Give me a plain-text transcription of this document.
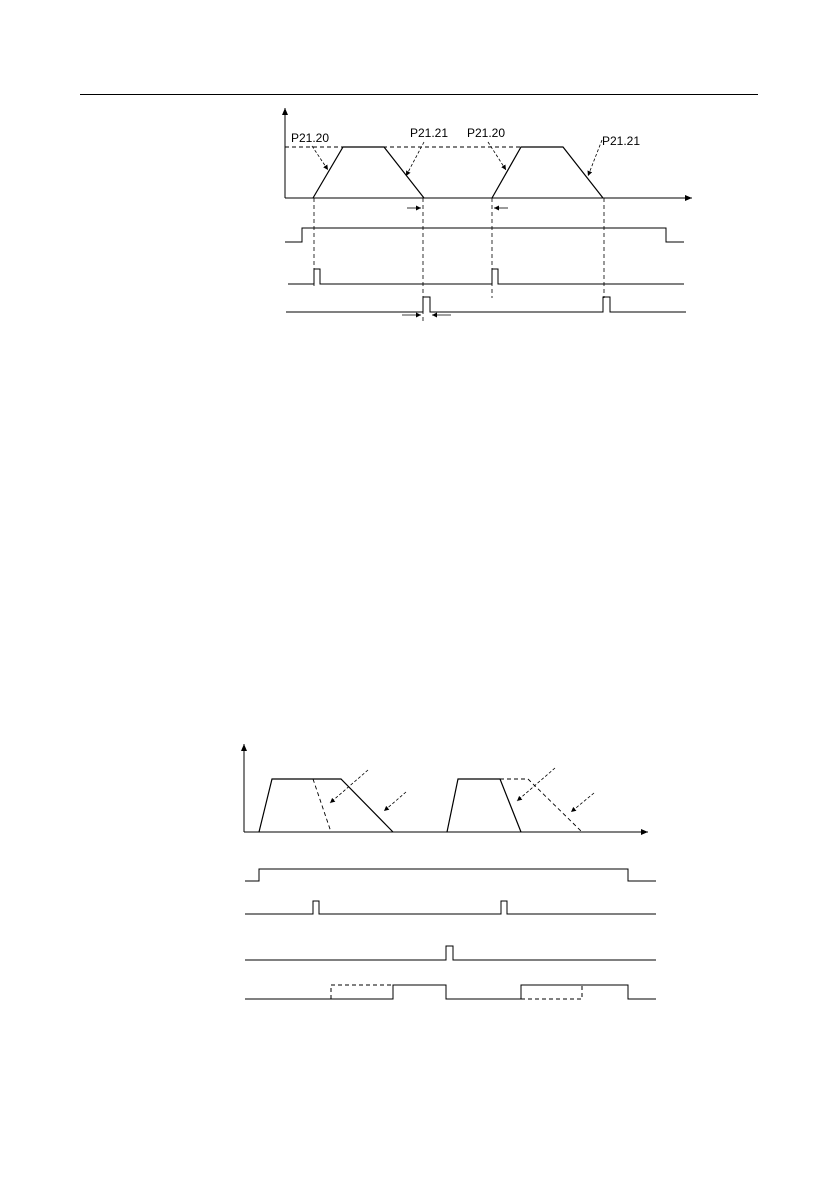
P21.20	P21.21 P21.20
P21.21
